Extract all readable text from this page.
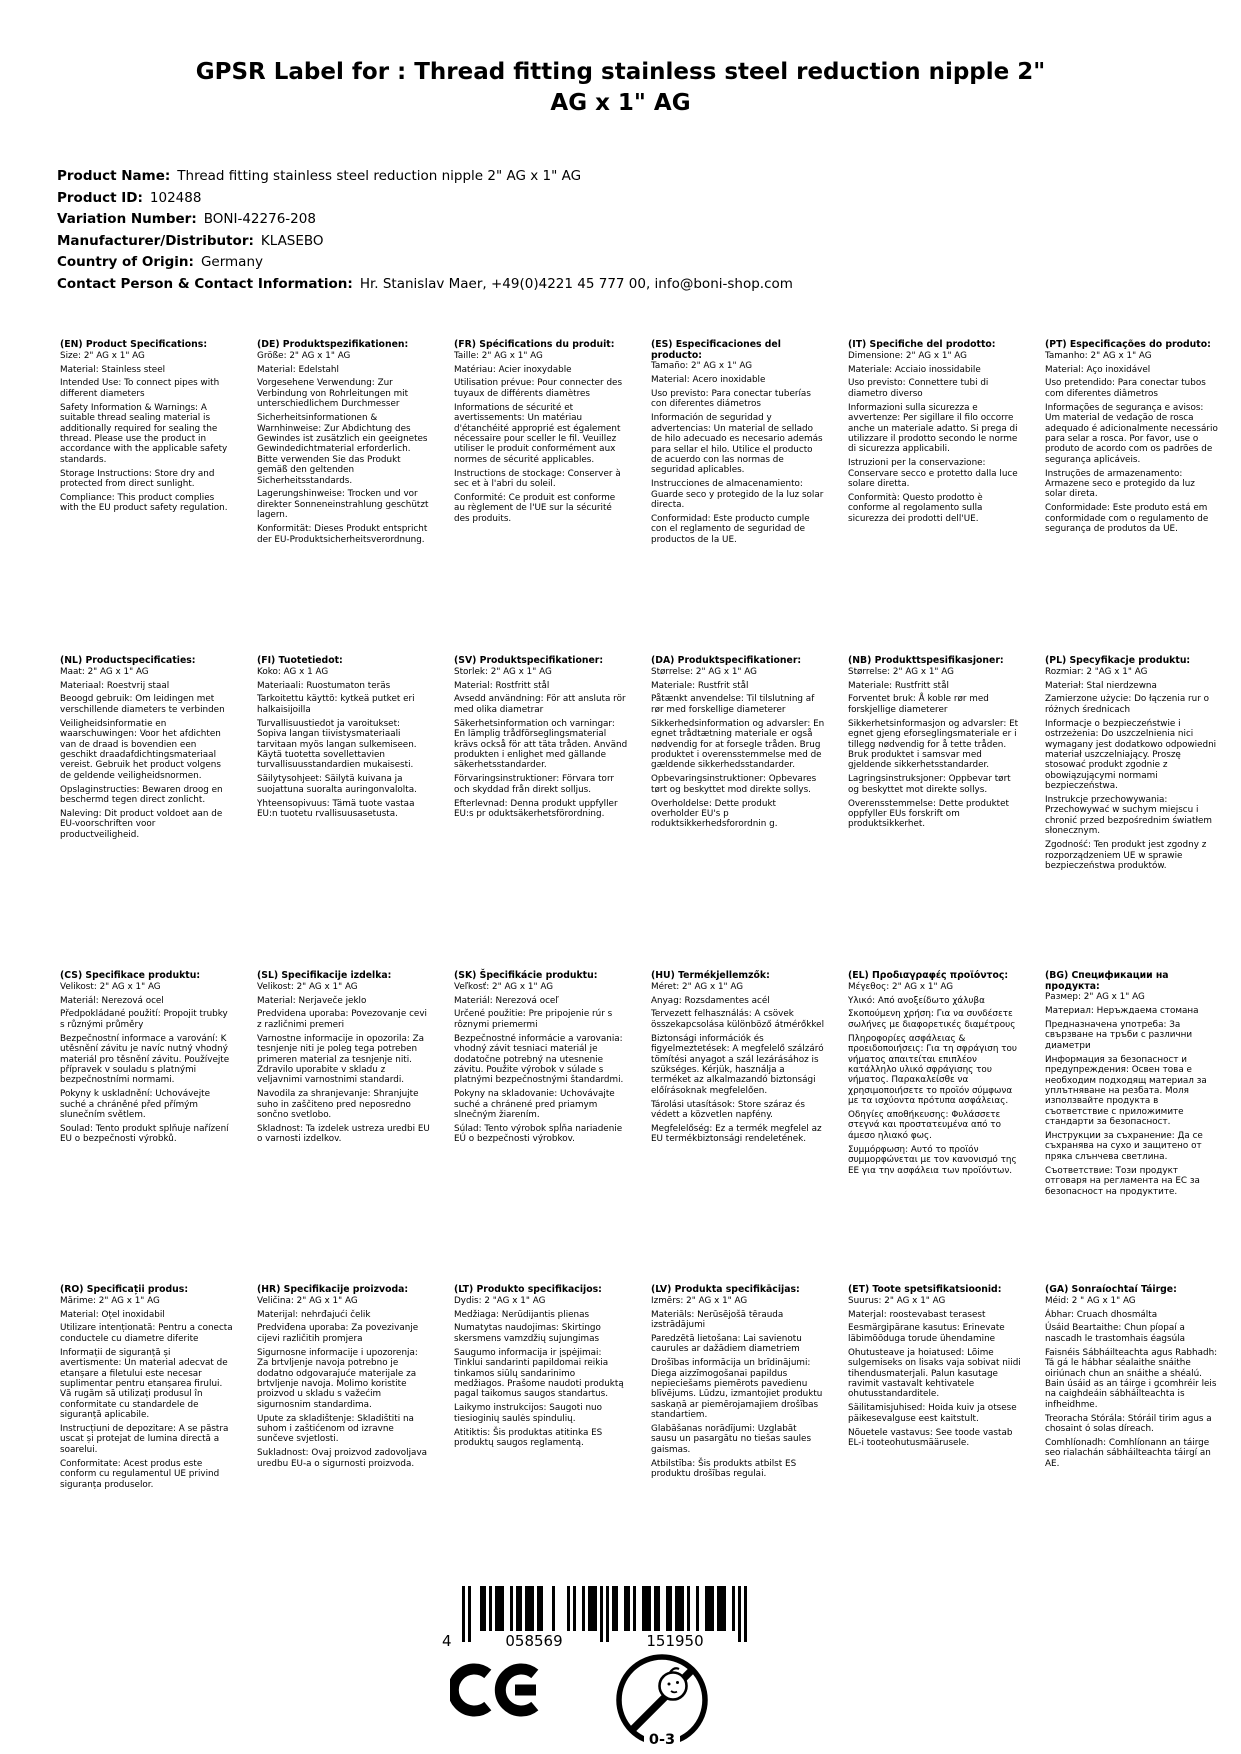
GPSR Label for : Thread fitting stainless steel reduction nipple 2"
AG x 1" AG
Product Name: Thread fitting stainless steel reduction nipple 2" AG x 1" AG
Product ID: 102488
Variation Number: BONI-42276-208
Manufacturer/Distributor: KLASEBO
Country of Origin: Germany
Contact Person & Contact Information: Hr. Stanislav Maer, +49(0)4221 45 777 00, info@boni-shop.com
(EN) Product Specifications:

Size: 2" AG x 1" AG

Material: Stainless steel

Intended Use: To connect pipes with different diameters

Safety Information & Warnings: A suitable thread sealing material is additionally required for sealing the thread. Please use the product in accordance with the applicable safety standards.

Storage Instructions: Store dry and protected from direct sunlight.

Compliance: This product complies with the EU product safety regulation.

(DE) Produktspezifikationen:

Größe: 2" AG x 1" AG

Material: Edelstahl

Vorgesehene Verwendung: Zur Verbindung von Rohrleitungen mit unterschiedlichem Durchmesser

Sicherheitsinformationen & Warnhinweise: Zur Abdichtung des Gewindes ist zusätzlich ein geeignetes Gewindedichtmaterial erforderlich. Bitte verwenden Sie das Produkt gemäß den geltenden Sicherheitsstandards.

Lagerungshinweise: Trocken und vor direkter Sonneneinstrahlung geschützt lagern.

Konformität: Dieses Produkt entspricht der EU-Produktsicherheitsverordnung.

(FR) Spécifications du produit:

Taille: 2" AG x 1" AG

Matériau: Acier inoxydable

Utilisation prévue: Pour connecter des tuyaux de différents diamètres

Informations de sécurité et avertissements: Un matériau d'étanchéité approprié est également nécessaire pour sceller le fil. Veuillez utiliser le produit conformément aux normes de sécurité applicables.

Instructions de stockage: Conserver à sec et à l'abri du soleil.

Conformité: Ce produit est conforme au règlement de l'UE sur la sécurité des produits.

(ES) Especificaciones del producto:

Tamaño: 2" AG x 1" AG

Material: Acero inoxidable

Uso previsto: Para conectar tuberías con diferentes diámetros

Información de seguridad y advertencias: Un material de sellado de hilo adecuado es necesario además para sellar el hilo. Utilice el producto de acuerdo con las normas de seguridad aplicables.

Instrucciones de almacenamiento: Guarde seco y protegido de la luz solar directa.

Conformidad: Este producto cumple con el reglamento de seguridad de productos de la UE.

(IT) Specifiche del prodotto:

Dimensione: 2" AG x 1" AG

Materiale: Acciaio inossidabile

Uso previsto: Connettere tubi di diametro diverso

Informazioni sulla sicurezza e avvertenze: Per sigillare il filo occorre anche un materiale adatto. Si prega di utilizzare il prodotto secondo le norme di sicurezza applicabili.

Istruzioni per la conservazione: Conservare secco e protetto dalla luce solare diretta.

Conformità: Questo prodotto è conforme al regolamento sulla sicurezza dei prodotti dell'UE.

(PT) Especificações do produto:

Tamanho: 2" AG x 1" AG

Material: Aço inoxidável

Uso pretendido: Para conectar tubos com diferentes diâmetros

Informações de segurança e avisos: Um material de vedação de rosca adequado é adicionalmente necessário para selar a rosca. Por favor, use o produto de acordo com os padrões de segurança aplicáveis.

Instruções de armazenamento: Armazene seco e protegido da luz solar direta.

Conformidade: Este produto está em conformidade com o regulamento de segurança de produtos da UE.

(NL) Productspecificaties:

Maat: 2" AG x 1" AG

Materiaal: Roestvrij staal

Beoogd gebruik: Om leidingen met verschillende diameters te verbinden

Veiligheidsinformatie en waarschuwingen: Voor het afdichten van de draad is bovendien een geschikt draadafdichtingsmateriaal vereist. Gebruik het product volgens de geldende veiligheidsnormen.

Opslaginstructies: Bewaren droog en beschermd tegen direct zonlicht.

Naleving: Dit product voldoet aan de EU-voorschriften voor productveiligheid.

(FI) Tuotetiedot:

Koko: AG x 1 AG

Materiaali: Ruostumaton teräs

Tarkoitettu käyttö: kytkeä putket eri halkaisijoilla

Turvallisuustiedot ja varoitukset: Sopiva langan tiivistysmateriaali tarvitaan myös langan sulkemiseen. Käytä tuotetta sovellettavien turvallisuusstandardien mukaisesti.

Säilytysohjeet: Säilytä kuivana ja suojattuna suoralta auringonvalolta.

Yhteensopivuus: Tämä tuote vastaa EU:n tuotetu rvallisuusasetusta.

(SV) Produktspecifikationer:

Storlek: 2" AG x 1" AG

Material: Rostfritt stål

Avsedd användning: För att ansluta rör med olika diametrar

Säkerhetsinformation och varningar: En lämplig trådförseglingsmaterial krävs också för att täta tråden. Använd produkten i enlighet med gällande säkerhetsstandarder.

Förvaringsinstruktioner: Förvara torr och skyddad från direkt solljus.

Efterlevnad: Denna produkt uppfyller EU:s pr oduktsäkerhetsförordning.

(DA) Produktspecifikationer:

Størrelse: 2" AG x 1" AG

Materiale: Rustfrit stål

Påtænkt anvendelse: Til tilslutning af rør med forskellige diameterer

Sikkerhedsinformation og advarsler: En egnet trådtætning materiale er også nødvendig for at forsegle tråden. Brug produktet i overensstemmelse med de gældende sikkerhedsstandarder.

Opbevaringsinstruktioner: Opbevares tørt og beskyttet mod direkte sollys.

Overholdelse: Dette produkt overholder EU's p roduktsikkerhedsforordnin g.

(NB) Produkttspesifikasjoner:

Størrelse: 2" AG x 1" AG

Materiale: Rustfritt stål

Forventet bruk: Å koble rør med forskjellige diameterer

Sikkerhetsinformasjon og advarsler: Et egnet gjeng eforseglingsmateriale er i tillegg nødvendig for å tette tråden. Bruk produktet i samsvar med gjeldende sikkerhetsstandarder.

Lagringsinstruksjoner: Oppbevar tørt og beskyttet mot direkte sollys.

Overensstemmelse: Dette produktet oppfyller EUs forskrift om produktsikkerhet.

(PL) Specyfikacje produktu:

Rozmiar: 2 "AG x 1" AG

Materiał: Stal nierdzewna

Zamierzone użycie: Do łączenia rur o różnych średnicach

Informacje o bezpieczeństwie i ostrzeżenia: Do uszczelnienia nici wymagany jest dodatkowo odpowiedni materiał uszczelniający. Proszę stosować produkt zgodnie z obowiązującymi normami bezpieczeństwa.

Instrukcje przechowywania: Przechowywać w suchym miejscu i chronić przed bezpośrednim światłem słonecznym.

Zgodność: Ten produkt jest zgodny z rozporządzeniem UE w sprawie bezpieczeństwa produktów.

(CS) Specifikace produktu:

Velikost: 2" AG x 1" AG

Materiál: Nerezová ocel

Předpokládané použití: Propojit trubky s různými průměry

Bezpečnostní informace a varování: K utěsnění závitu je navíc nutný vhodný materiál pro těsnění závitu. Používejte přípravek v souladu s platnými bezpečnostními normami.

Pokyny k uskladnění: Uchovávejte suché a chráněné před přímým slunečním světlem.

Soulad: Tento produkt splňuje nařízení EU o bezpečnosti výrobků.

(SL) Specifikacije izdelka:

Velikost: 2" AG x 1" AG

Material: Nerjaveče jeklo

Predvidena uporaba: Povezovanje cevi z različnimi premeri

Varnostne informacije in opozorila: Za tesnjenje niti je poleg tega potreben primeren material za tesnjenje niti. Zdravilo uporabite v skladu z veljavnimi varnostnimi standardi.

Navodila za shranjevanje: Shranjujte suho in zaščiteno pred neposredno sončno svetlobo.

Skladnost: Ta izdelek ustreza uredbi EU o varnosti izdelkov.

(SK) Špecifikácie produktu:

Veľkosť: 2" AG x 1" AG

Materiál: Nerezová oceľ

Určené použitie: Pre pripojenie rúr s rôznymi priemermi

Bezpečnostné informácie a varovania: vhodný závit tesniaci materiál je dodatočne potrebný na utesnenie závitu. Použite výrobok v súlade s platnými bezpečnostnými štandardmi.

Pokyny na skladovanie: Uchovávajte suché a chránené pred priamym slnečným žiarením.

Súlad: Tento výrobok spĺňa nariadenie EÚ o bezpečnosti výrobkov.

(HU) Termékjellemzők:

Méret: 2" AG x 1" AG

Anyag: Rozsdamentes acél

Tervezett felhasználás: A csövek összekapcsolása különböző átmérőkkel

Biztonsági információk és figyelmeztetések: A megfelelő szálzáró tömítési anyagot a szál lezárásához is szükséges. Kérjük, használja a terméket az alkalmazandó biztonsági előírásoknak megfelelően.

Tárolási utasítások: Store száraz és védett a közvetlen napfény.

Megfelelőség: Ez a termék megfelel az EU termékbiztonsági rendeletének.

(EL) Προδιαγραφές προϊόντος:

Μέγεθος: 2" AG x 1" AG

Υλικό: Από ανοξείδωτο χάλυβα

Σκοπούμενη χρήση: Για να συνδέσετε σωλήνες με διαφορετικές διαμέτρους

Πληροφορίες ασφάλειας & προειδοποιήσεις: Για τη σφράγιση του νήματος απαιτείται επιπλέον κατάλληλο υλικό σφράγισης του νήματος. Παρακαλείσθε να χρησιμοποιήσετε το προϊόν σύμφωνα με τα ισχύοντα πρότυπα ασφάλειας.

Οδηγίες αποθήκευσης: Φυλάσσετε στεγνά και προστατευμένα από το άμεσο ηλιακό φως.

Συμμόρφωση: Αυτό το προϊόν συμμορφώνεται με τον κανονισμό της ΕΕ για την ασφάλεια των προϊόντων.

(BG) Спецификации на продукта:

Размер: 2" AG x 1" AG

Материал: Неръждаема стомана

Предназначена употреба: За свързване на тръби с различни диаметри

Информация за безопасност и предупреждения: Освен това е необходим подходящ материал за уплътняване на резбата. Моля използвайте продукта в съответствие с приложимите стандарти за безопасност.

Инструкции за съхранение: Да се съхранява на сухо и защитено от пряка слънчева светлина.

Съответствие: Този продукт отговаря на регламента на ЕС за безопасност на продуктите.

(RO) Specificații produs:

Mărime: 2" AG x 1" AG

Material: Oțel inoxidabil

Utilizare intenționată: Pentru a conecta conductele cu diametre diferite

Informații de siguranță și avertismente: Un material adecvat de etanșare a filetului este necesar suplimentar pentru etanșarea firului. Vă rugăm să utilizați produsul în conformitate cu standardele de siguranță aplicabile.

Instrucțiuni de depozitare: A se păstra uscat și protejat de lumina directă a soarelui.

Conformitate: Acest produs este conform cu regulamentul UE privind siguranța produselor.

(HR) Specifikacije proizvoda:

Veličina: 2" AG x 1" AG

Materijal: nehrđajući čelik

Predviđena uporaba: Za povezivanje cijevi različitih promjera

Sigurnosne informacije i upozorenja: Za brtvljenje navoja potrebno je dodatno odgovarajuće materijale za brtvljenje navoja. Molimo koristite proizvod u skladu s važećim sigurnosnim standardima.

Upute za skladištenje: Skladištiti na suhom i zaštićenom od izravne sunčeve svjetlosti.

Sukladnost: Ovaj proizvod zadovoljava uredbu EU-a o sigurnosti proizvoda.

(LT) Produkto specifikacijos:

Dydis: 2 "AG x 1" AG

Medžiaga: Nerūdijantis plienas

Numatytas naudojimas: Skirtingo skersmens vamzdžių sujungimas

Saugumo informacija ir įspėjimai: Tinklui sandarinti papildomai reikia tinkamos siūlų sandarinimo medžiagos. Prašome naudoti produktą pagal taikomus saugos standartus.

Laikymo instrukcijos: Saugoti nuo tiesioginių saulės spindulių.

Atitiktis: Šis produktas atitinka ES produktų saugos reglamentą.

(LV) Produkta specifikācijas:

Izmērs: 2" AG x 1" AG

Materiāls: Nerūsējošā tērauda izstrādājumi

Paredzētā lietošana: Lai savienotu caurules ar dažādiem diametriem

Drošības informācija un brīdinājumi: Diega aizzīmogošanai papildus nepieciešams piemērots pavedienu blīvējums. Lūdzu, izmantojiet produktu saskaņā ar piemērojamajiem drošības standartiem.

Glabāšanas norādījumi: Uzglabāt sausu un pasargātu no tiešas saules gaismas.

Atbilstība: Šis produkts atbilst ES produktu drošības regulai.

(ET) Toote spetsifikatsioonid:

Suurus: 2" AG x 1" AG

Materjal: roostevabast terasest

Eesmärgipärane kasutus: Erinevate läbimõõduga torude ühendamine

Ohutusteave ja hoiatused: Lõime sulgemiseks on lisaks vaja sobivat niidi tihendusmaterjali. Palun kasutage ravimit vastavalt kehtivatele ohutusstandarditele.

Säilitamisjuhised: Hoida kuiv ja otsese päikesevalguse eest kaitstult.

Nõuetele vastavus: See toode vastab EL-i tooteohutusmäärusele.

(GA) Sonraíochtaí Táirge:

Méid: 2 " AG x 1" AG

Ábhar: Cruach dhosmálta

Úsáid Beartaithe: Chun píopaí a nascadh le trastomhais éagsúla

Faisnéis Sábháilteachta agus Rabhadh: Tá gá le hábhar séalaithe snáithe oiriúnach chun an snáithe a shéalú. Bain úsáid as an táirge i gcomhréir leis na caighdeáin sábháilteachta is infheidhme.

Treoracha Stórála: Stóráil tirim agus a chosaint ó solas díreach.

Comhlíonadh: Comhlíonann an táirge seo rialachán sábháilteachta táirgí an AE.

4	058569	151950
0-3
